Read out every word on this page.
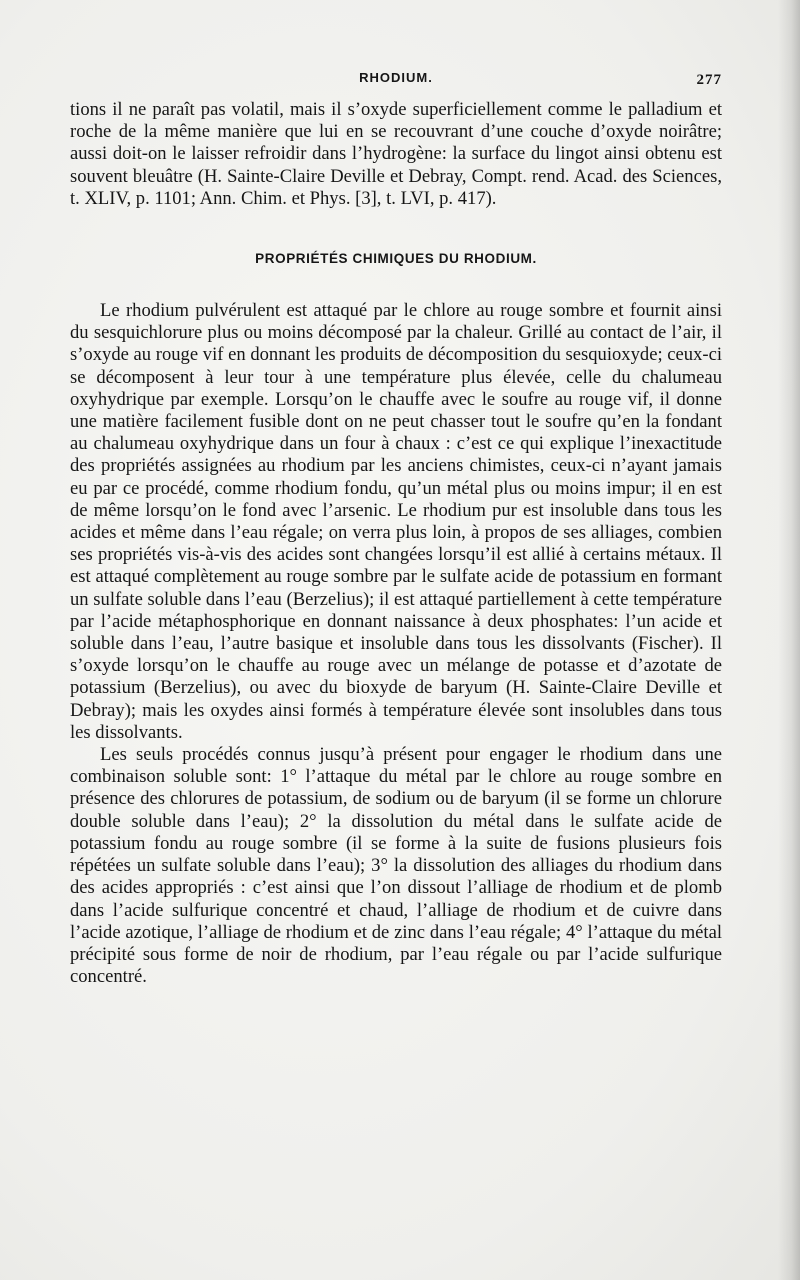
RHODIUM.	277

tions il ne paraît pas volatil, mais il s’oxyde superficiellement comme le palladium et roche de la même manière que lui en se recouvrant d’une couche d’oxyde noirâtre; aussi doit-on le laisser refroidir dans l’hydrogène: la surface du lingot ainsi obtenu est souvent bleuâtre (H. Sainte-Claire Deville et Debray, Compt. rend. Acad. des Sciences, t. XLIV, p. 1101; Ann. Chim. et Phys. [3], t. LVI, p. 417).

PROPRIÉTÉS CHIMIQUES DU RHODIUM.

Le rhodium pulvérulent est attaqué par le chlore au rouge sombre et fournit ainsi du sesquichlorure plus ou moins décomposé par la chaleur. Grillé au contact de l’air, il s’oxyde au rouge vif en donnant les produits de décomposition du sesquioxyde; ceux-ci se décomposent à leur tour à une température plus élevée, celle du chalumeau oxyhydrique par exemple. Lorsqu’on le chauffe avec le soufre au rouge vif, il donne une matière facilement fusible dont on ne peut chasser tout le soufre qu’en la fondant au chalumeau oxyhydrique dans un four à chaux : c’est ce qui explique l’inexactitude des propriétés assignées au rhodium par les anciens chimistes, ceux-ci n’ayant jamais eu par ce procédé, comme rhodium fondu, qu’un métal plus ou moins impur; il en est de même lorsqu’on le fond avec l’arsenic. Le rhodium pur est insoluble dans tous les acides et même dans l’eau régale; on verra plus loin, à propos de ses alliages, combien ses propriétés vis-à-vis des acides sont changées lorsqu’il est allié à certains métaux. Il est attaqué complètement au rouge sombre par le sulfate acide de potassium en formant un sulfate soluble dans l’eau (Berzelius); il est attaqué partiellement à cette température par l’acide métaphosphorique en donnant naissance à deux phosphates: l’un acide et soluble dans l’eau, l’autre basique et insoluble dans tous les dissolvants (Fischer). Il s’oxyde lorsqu’on le chauffe au rouge avec un mélange de potasse et d’azotate de potassium (Berzelius), ou avec du bioxyde de baryum (H. Sainte-Claire Deville et Debray); mais les oxydes ainsi formés à température élevée sont insolubles dans tous les dissolvants.

Les seuls procédés connus jusqu’à présent pour engager le rhodium dans une combinaison soluble sont: 1° l’attaque du métal par le chlore au rouge sombre en présence des chlorures de potassium, de sodium ou de baryum (il se forme un chlorure double soluble dans l’eau); 2° la dissolution du métal dans le sulfate acide de potassium fondu au rouge sombre (il se forme à la suite de fusions plusieurs fois répétées un sulfate soluble dans l’eau); 3° la dissolution des alliages du rhodium dans des acides appropriés : c’est ainsi que l’on dissout l’alliage de rhodium et de plomb dans l’acide sulfurique concentré et chaud, l’alliage de rhodium et de cuivre dans l’acide azotique, l’alliage de rhodium et de zinc dans l’eau régale; 4° l’attaque du métal précipité sous forme de noir de rhodium, par l’eau régale ou par l’acide sulfurique concentré.
